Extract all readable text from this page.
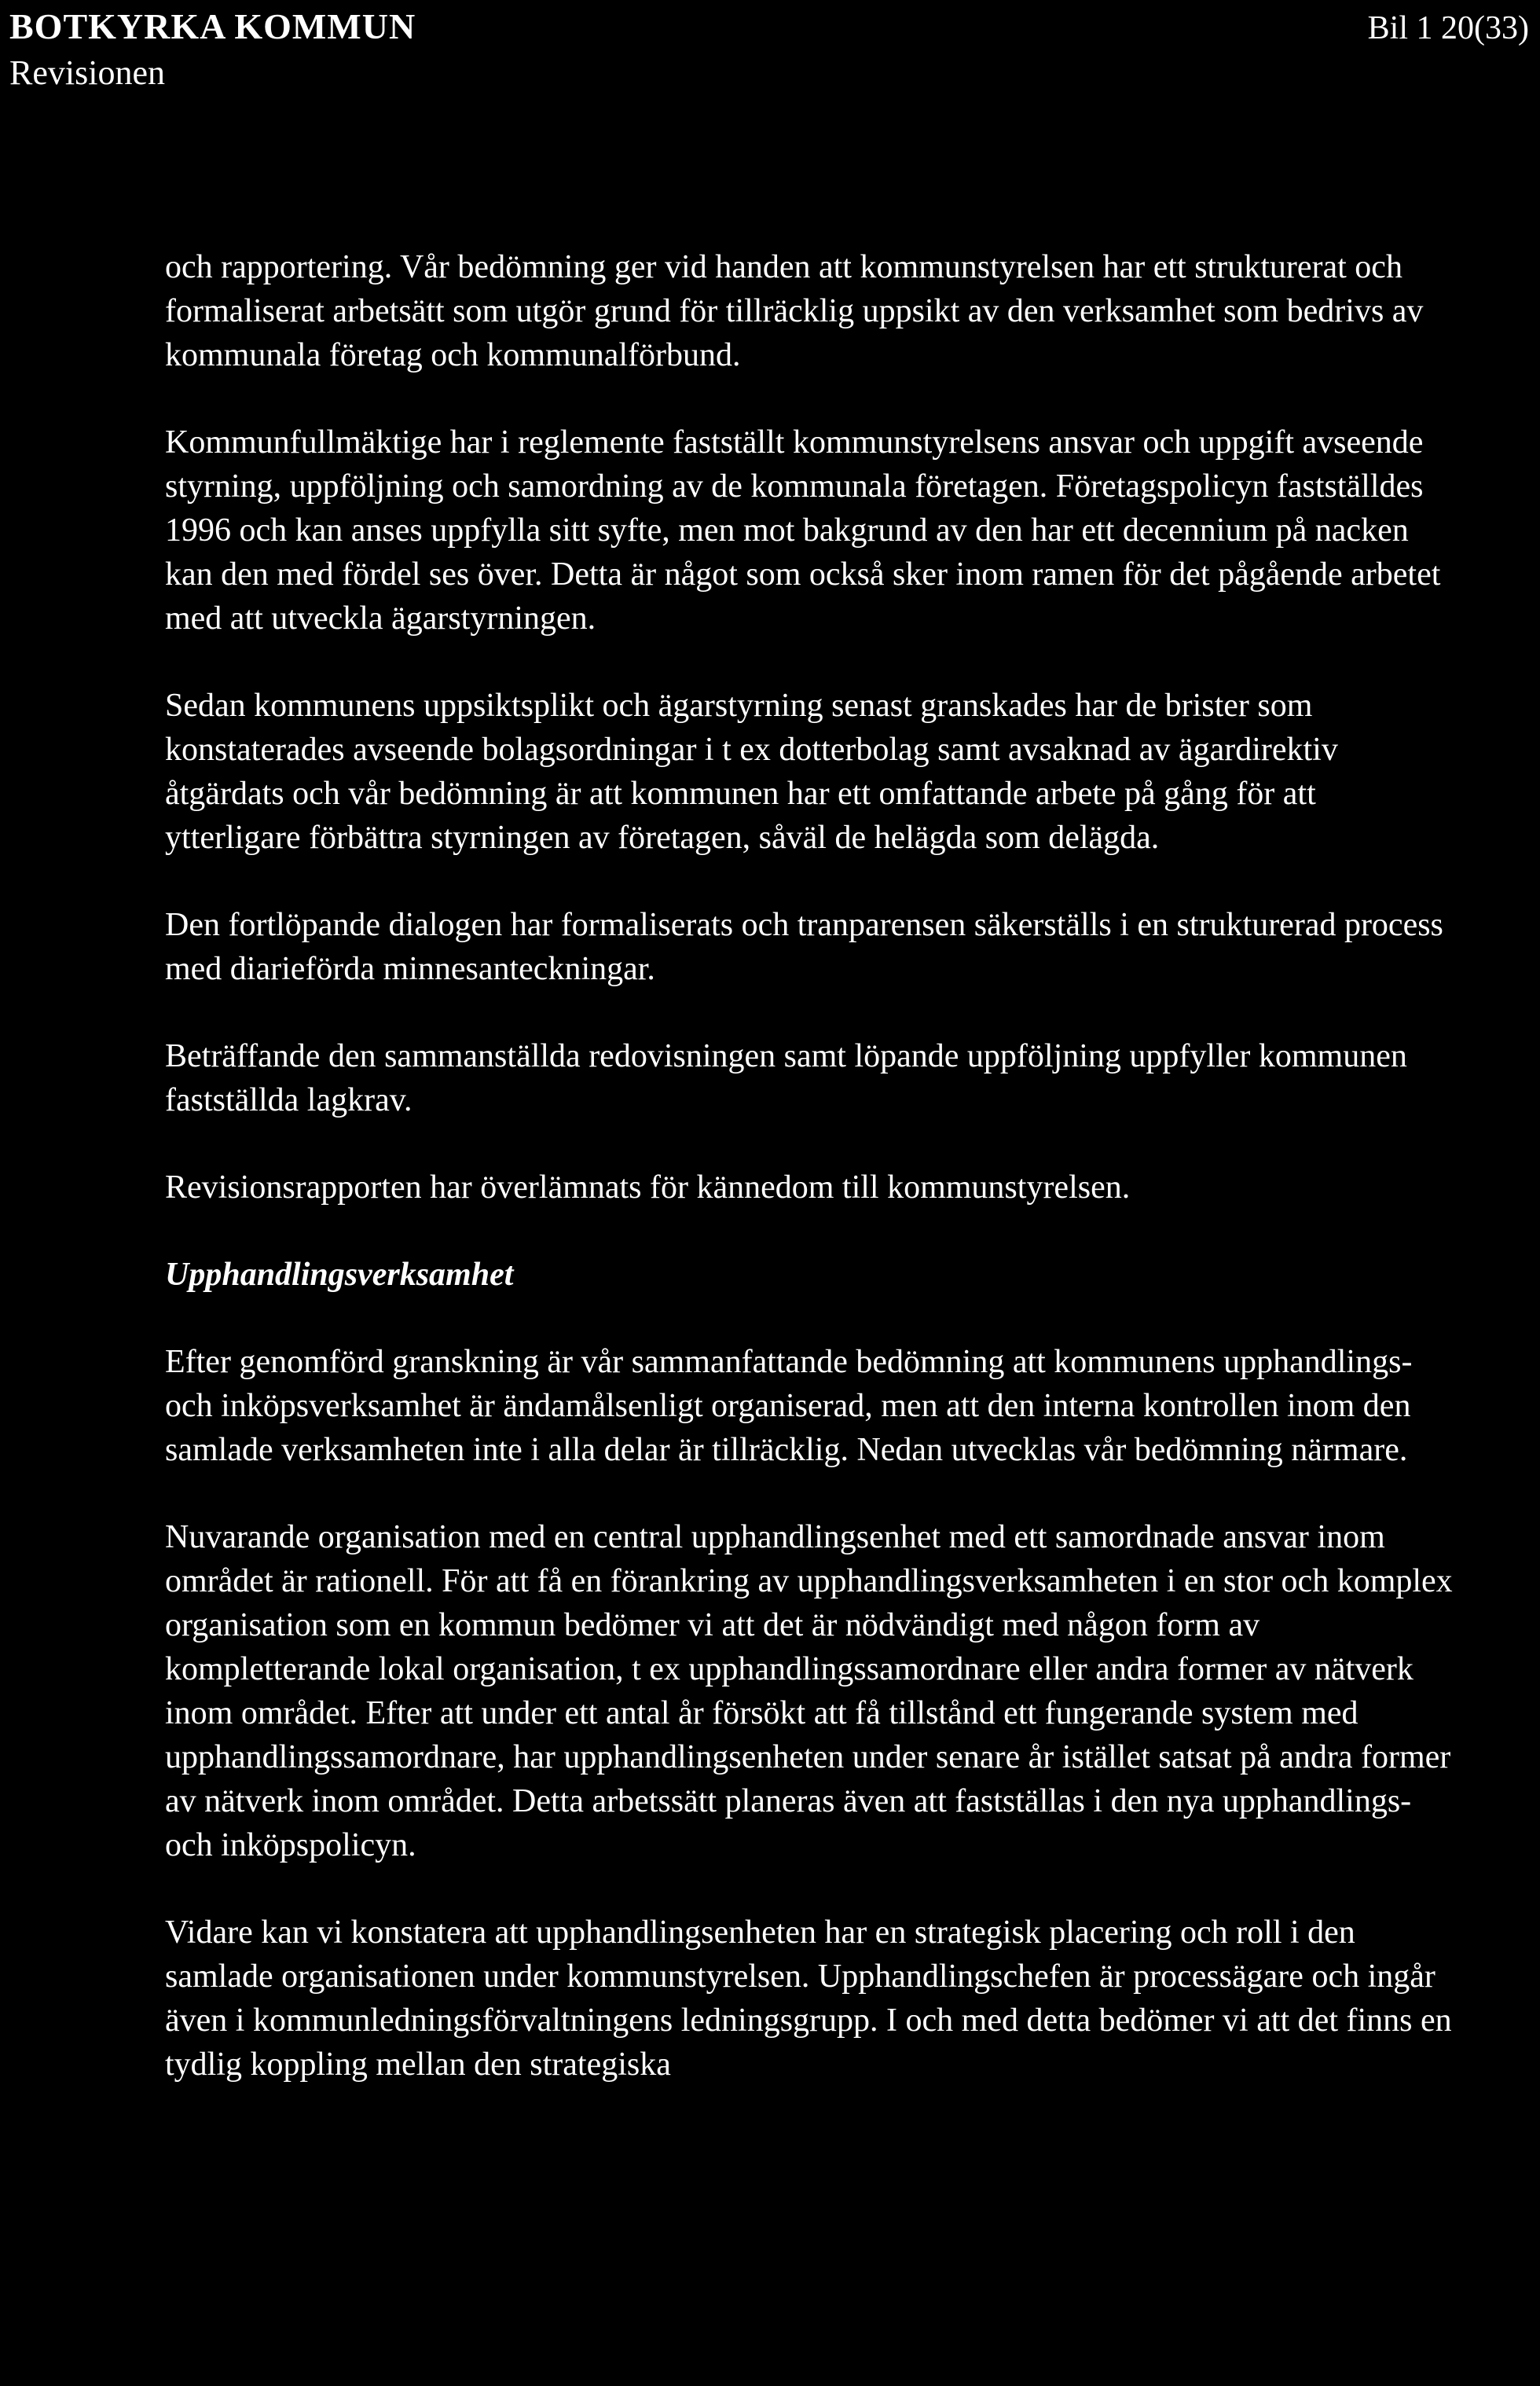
BOTKYRKA KOMMUN
Revisionen
Bil 1 20(33)

och rapportering. Vår bedömning ger vid handen att kommunstyrelsen har ett strukturerat och formaliserat arbetsätt som utgör grund för tillräcklig uppsikt av den verksamhet som bedrivs av kommunala företag och kommunalförbund.

Kommunfullmäktige har i reglemente fastställt kommunstyrelsens ansvar och uppgift avseende styrning, uppföljning och samordning av de kommunala företagen. Företagspolicyn fastställdes 1996 och kan anses uppfylla sitt syfte, men mot bakgrund av den har ett decennium på nacken kan den med fördel ses över. Detta är något som också sker inom ramen för det pågående arbetet med att utveckla ägarstyrningen.

Sedan kommunens uppsiktsplikt och ägarstyrning senast granskades har de brister som konstaterades avseende bolagsordningar i t ex dotterbolag samt avsaknad av ägardirektiv åtgärdats och vår bedömning är att kommunen har ett omfattande arbete på gång för att ytterligare förbättra styrningen av företagen, såväl de helägda som delägda.

Den fortlöpande dialogen har formaliserats och tranparensen säkerställs i en strukturerad process med diarieförda minnesanteckningar.

Beträffande den sammanställda redovisningen samt löpande uppföljning uppfyller kommunen fastställda lagkrav.

Revisionsrapporten har överlämnats för kännedom till kommunstyrelsen.

Upphandlingsverksamhet

Efter genomförd granskning är vår sammanfattande bedömning att kommunens upphandlings- och inköpsverksamhet är ändamålsenligt organiserad, men att den interna kontrollen inom den samlade verksamheten inte i alla delar är tillräcklig. Nedan utvecklas vår bedömning närmare.

Nuvarande organisation med en central upphandlingsenhet med ett samordnade ansvar inom området är rationell. För att få en förankring av upphandlingsverksamheten i en stor och komplex organisation som en kommun bedömer vi att det är nödvändigt med någon form av kompletterande lokal organisation, t ex upphandlingssamordnare eller andra former av nätverk inom området. Efter att under ett antal år försökt att få tillstånd ett fungerande system med upphandlingssamordnare, har upphandlingsenheten under senare år istället satsat på andra former av nätverk inom området. Detta arbetssätt planeras även att fastställas i den nya upphandlings- och inköpspolicyn.

Vidare kan vi konstatera att upphandlingsenheten har en strategisk placering och roll i den samlade organisationen under kommunstyrelsen. Upphandlingschefen är processägare och ingår även i kommunledningsförvaltningens ledningsgrupp. I och med detta bedömer vi att det finns en tydlig koppling mellan den strategiska
